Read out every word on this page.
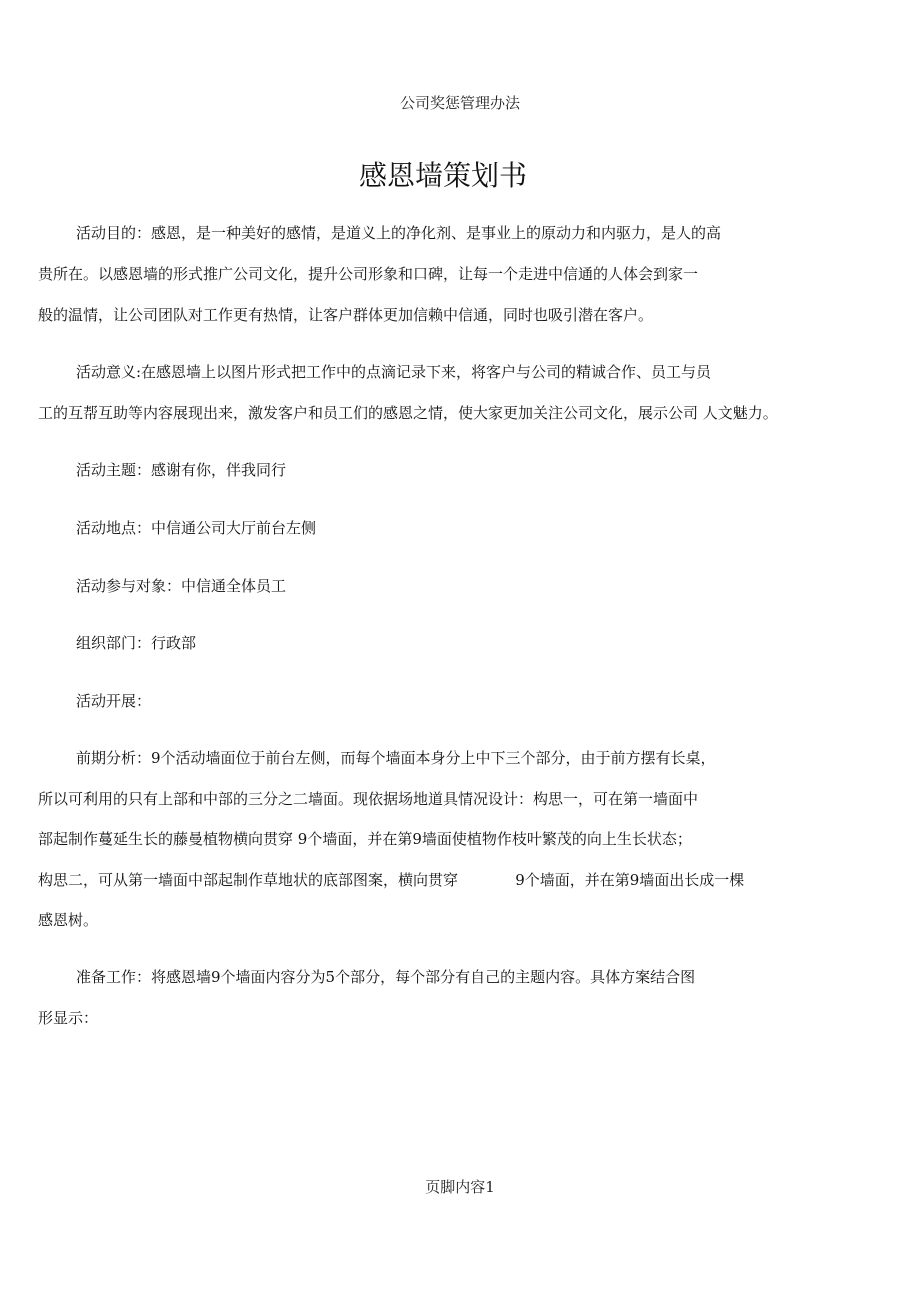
公司奖惩管理办法
感恩墙策划书
活动目的：感恩，是一种美好的感情，是道义上的净化剂、是事业上的原动力和内驱力，是人的高
贵所在。以感恩墙的形式推广公司文化，提升公司形象和口碑，让每一个走进中信通的人体会到家一
般的温情，让公司团队对工作更有热情，让客户群体更加信赖中信通，同时也吸引潜在客户。
活动意义:在感恩墙上以图片形式把工作中的点滴记录下来，将客户与公司的精诚合作、员工与员
工的互帮互助等内容展现出来，激发客户和员工们的感恩之情，使大家更加关注公司文化，展示公司 人文魅力。
活动主题：感谢有你，伴我同行
活动地点：中信通公司大厅前台左侧
活动参与对象：中信通全体员工
组织部门：行政部
活动开展：
前期分析：9个活动墙面位于前台左侧，而每个墙面本身分上中下三个部分，由于前方摆有长桌，
所以可利用的只有上部和中部的三分之二墙面。现依据场地道具情况设计：构思一，可在第一墙面中
部起制作蔓延生长的藤曼植物横向贯穿 9个墙面，并在第9墙面使植物作枝叶繁茂的向上生长状态；
构思二，可从第一墙面中部起制作草地状的底部图案，横向贯穿            9个墙面，并在第9墙面出长成一棵
感恩树。
准备工作：将感恩墙9个墙面内容分为5个部分，每个部分有自己的主题内容。具体方案结合图
形显示：
页脚内容1
